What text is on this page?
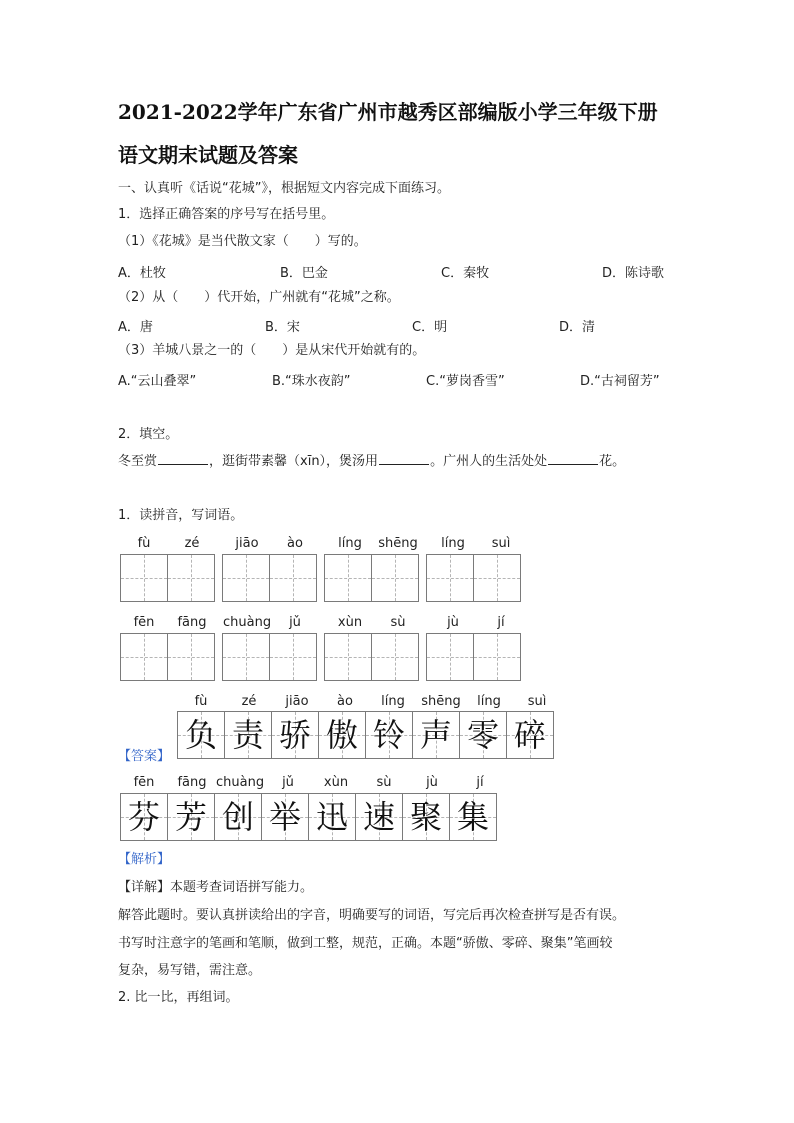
2021-2022学年广东省广州市越秀区部编版小学三年级下册
语文期末试题及答案
一、认真听《话说“花城”》，根据短文内容完成下面练习。
1．选择正确答案的序号写在括号里。
（1）《花城》是当代散文家（　　）写的。
A．杜牧	B．巴金	C．秦牧	D．陈诗歌
（2）从（　　）代开始，广州就有“花城”之称。
A．唐	B．宋	C．明	D．清
（3）羊城八景之一的（　　）是从宋代开始就有的。
A.“云山叠翠”	B.“珠水夜韵”	C.“萝岗香雪”	D.“古祠留芳”
2．填空。
冬至赏	，逛街带素馨（xīn），煲汤用	。广州人的生活处处	花。
1．读拼音，写词语。
fù	zé	jiāo	ào	líng	shēng	líng	suì
fēn	fāng	chuàng	jǔ	xùn	sù	jù	jí
fù	zé	jiāo	ào	líng	shēng	líng	suì
负 责 骄 傲 铃 声 零 碎
【答案】
fēn	fāng chuàng	jǔ	xùn	sù	jù	jí
芬 芳 创 举 迅 速 聚 集
【解析】
【详解】本题考查词语拼写能力。
解答此题时。要认真拼读给出的字音，明确要写的词语，写完后再次检查拼写是否有误。
书写时注意字的笔画和笔顺，做到工整，规范，正确。本题“骄傲、零碎、聚集”笔画较
复杂，易写错，需注意。
2. 比一比，再组词。
